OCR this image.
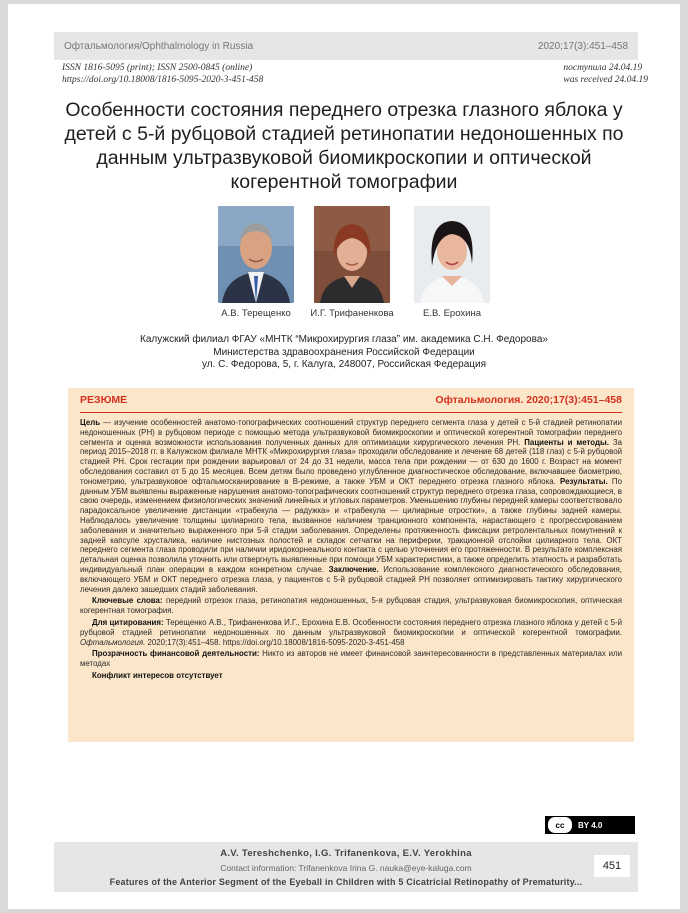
Офтальмология/Ophthalmology in Russia	2020;17(3):451–458
ISSN 1816-5095 (print); ISSN 2500-0845 (online)
https://doi.org/10.18008/1816-5095-2020-3-451-458
поступила 24.04.19
was received 24.04.19
Особенности состояния переднего отрезка глазного яблока у детей с 5-й рубцовой стадией ретинопатии недоношенных по данным ультразвуковой биомикроскопии и оптической когерентной томографии
А.В. Терещенко	И.Г. Трифаненкова	Е.В. Ерохина
Калужский филиал ФГАУ «МНТК “Микрохирургия глаза” им. академика С.Н. Федорова»
Министерства здравоохранения Российской Федерации
ул. С. Федорова, 5, г. Калуга, 248007, Российская Федерация
РЕЗЮМЕ	Офтальмология. 2020;17(3):451–458

Цель — изучение особенностей анатомо-топографических соотношений структур переднего сегмента глаза у детей с 5-й стадией ретинопатии недоношенных (РН) в рубцовом периоде с помощью метода ультразвуковой биомикроскопии и оптической когерентной томографии переднего сегмента и оценка возможности использования полученных данных для оптимизации хирургического лечения РН. Пациенты и методы. За период 2015–2018 гг. в Калужском филиале МНТК «Микрохирургия глаза» проходили обследование и лечение 68 детей (118 глаз) с 5-й рубцовой стадией РН. Срок гестации при рождении варьировал от 24 до 31 недели, масса тела при рождении — от 630 до 1600 г. Возраст на момент обследования составил от 5 до 15 месяцев. Всем детям было проведено углубленное диагностическое обследование, включавшее биометрию, тонометрию, ультразвуковое офтальмосканирование в В-режиме, а также УБМ и ОКТ переднего отрезка глазного яблока. Результаты. По данным УБМ выявлены выраженные нарушения анатомо-топографических соотношений структур переднего отрезка глаза, сопровождающиеся, в свою очередь, изменением физиологических значений линейных и угловых параметров. Уменьшению глубины передней камеры соответствовало парадоксальное увеличение дистанции «трабекула — радужка» и «трабекула — цилиарные отростки», а также глубины задней камеры. Наблюдалось увеличение толщины цилиарного тела, вызванное наличием транционного компонента, нарастающего с прогрессированием заболевания и значительно выраженного при 5-й стадии заболевания. Определены протяженность фиксации ретролентальных помутнений к задней капсуле хрусталика, наличие нистозных полостей и складок сетчатки на периферии, тракционной отслойки цилиарного тела. ОКТ переднего сегмента глаза проводили при наличии иридокорнеального контакта с целью уточнения его протяженности. В результате комплексная детальная оценка позволила уточнить или отвергнуть выявленные при помощи УБМ характеристики, а также определить этапность и разработать индивидуальный план операции в каждом конкретном случае. Заключение. Использование комплексного диагностического обследования, включающего УБМ и ОКТ переднего отрезка глаза, у пациентов с 5-й рубцовой стадией РН позволяет оптимизировать тактику хирургического лечения далеко зашедших стадий заболевания.

Ключевые слова: передний отрезок глаза, ретинопатия недоношенных, 5-я рубцовая стадия, ультразвуковая биомикроскопия, оптическая когерентная томография.

Для цитирования: Терещенко А.В., Трифаненкова И.Г., Ерохина Е.В. Особенности состояния переднего отрезка глазного яблока у детей с 5-й рубцовой стадией ретинопатии недоношенных по данным ультразвуковой биомикроскопии и оптической когерентной томографии. Офтальмология. 2020;17(3):451–458. https://doi.org/10.18008/1816-5095-2020-3-451-458

Прозрачность финансовой деятельности: Никто из авторов не имеет финансовой заинтересованности в представленных материалах или методах

Конфликт интересов отсутствует

cc	BY 4.0
A.V. Tereshchenko, I.G. Trifanenkova, E.V. Yerokhina
Contact information: Trifanenkova Irina G. nauka@eye-kaluga.com
Features of the Anterior Segment of the Eyeball in Children with 5 Cicatricial Retinopathy of Prematurity...
451
